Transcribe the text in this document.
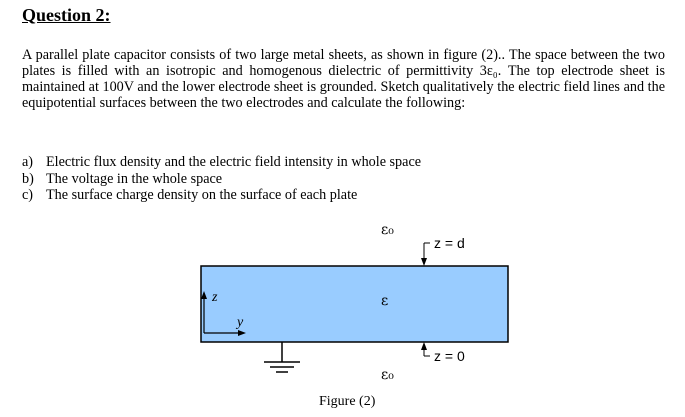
Question 2:
A parallel plate capacitor consists of two large metal sheets, as shown in figure (2).. The space between the two plates is filled with an isotropic and homogenous dielectric of permittivity 3ε₀. The top electrode sheet is maintained at 100V and the lower electrode sheet is grounded. Sketch qualitatively the electric field lines and the equipotential surfaces between the two electrodes and calculate the following:
a) Electric flux density and the electric field intensity in whole space
b) The voltage in the whole space
c) The surface charge density on the surface of each plate
ε₀
ε
ε₀
z = d
z = 0
z
y
Figure (2)
